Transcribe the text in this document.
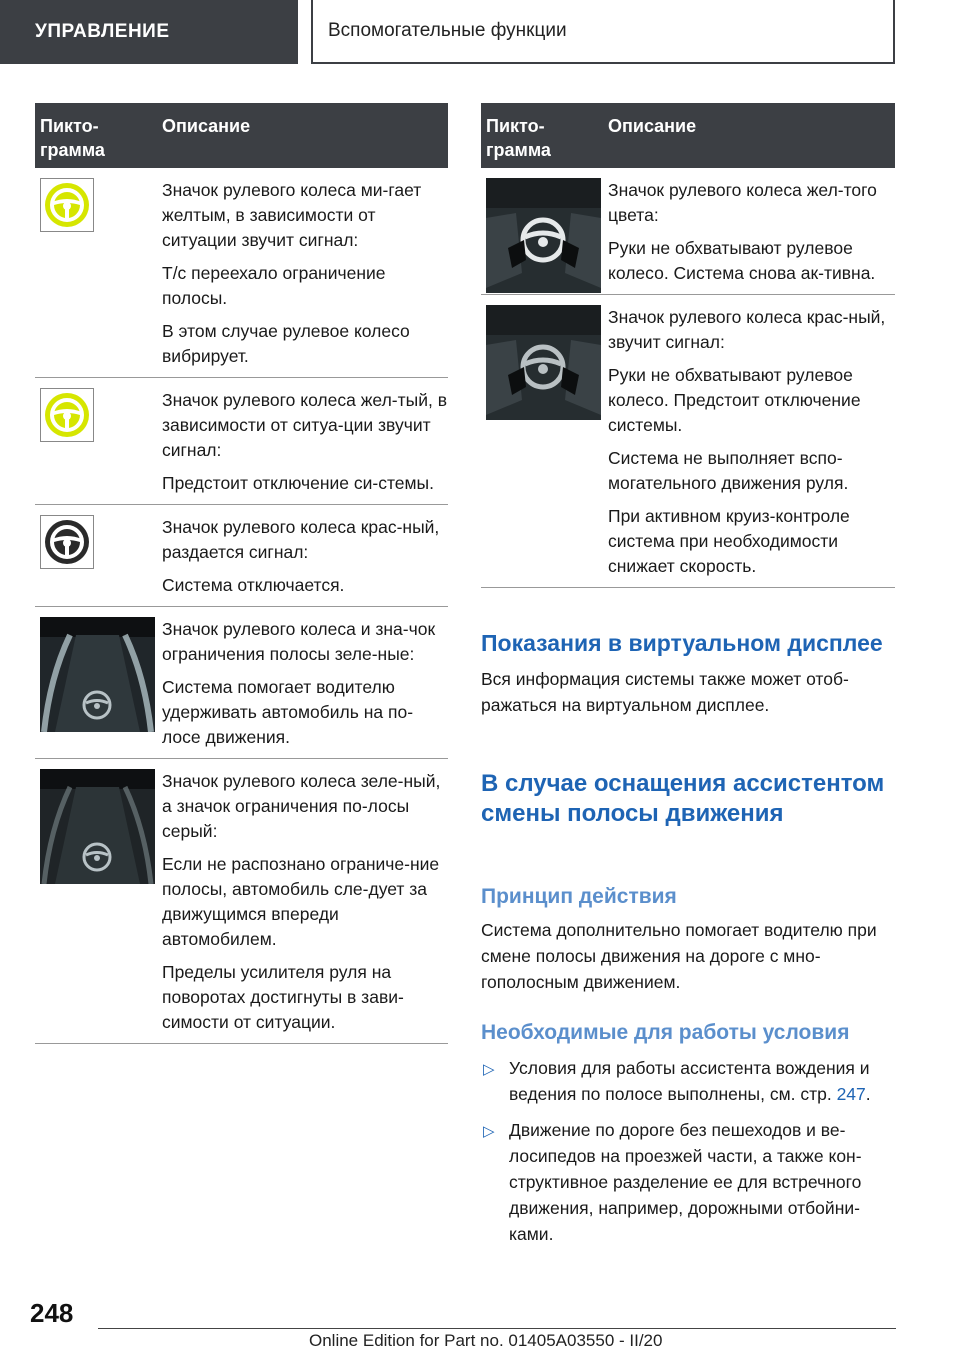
УПРАВЛЕНИЕ	Вспомогательные функции
Пикто-грамма
Описание

Значок рулевого колеса ми-гает желтым, в зависимости от ситуации звучит сигнал:

Т/с переехало ограничение полосы.

В этом случае рулевое колесо вибрирует.

Значок рулевого колеса жел-тый, в зависимости от ситуа-ции звучит сигнал:

Предстоит отключение си-стемы.

Значок рулевого колеса крас-ный, раздается сигнал:

Система отключается.

Значок рулевого колеса и зна-чок ограничения полосы зеле-ные:

Система помогает водителю удерживать автомобиль на по-лосе движения.

Значок рулевого колеса зеле-ный, а значок ограничения по-лосы серый:

Если не распознано ограниче-ние полосы, автомобиль сле-дует за движущимся впереди автомобилем.

Пределы усилителя руля на поворотах достигнуты в зави-симости от ситуации.

Пикто-грамма
Описание

Значок рулевого колеса жел-того цвета:

Руки не обхватывают рулевое колесо. Система снова ак-тивна.

Значок рулевого колеса крас-ный, звучит сигнал:

Руки не обхватывают рулевое колесо. Предстоит отключение системы.

Система не выполняет вспо-могательного движения руля.

При активном круиз-контроле система при необходимости снижает скорость.

Показания в виртуальном дисплее

Вся информация системы также может отоб-ражаться на виртуальном дисплее.

В случае оснащения ассистентом смены полосы движения
Принцип действия

Система дополнительно помогает водителю при смене полосы движения на дороге с мно-гополосным движением.

Необходимые для работы условия
▷ Условия для работы ассистента вождения и ведения по полосе выполнены, см. стр. 247.
▷ Движение по дороге без пешеходов и ве-лосипедов на проезжей части, а также кон-структивное разделение ее для встречного движения, например, дорожными отбойни-ками.
248
Online Edition for Part no. 01405A03550 - II/20
